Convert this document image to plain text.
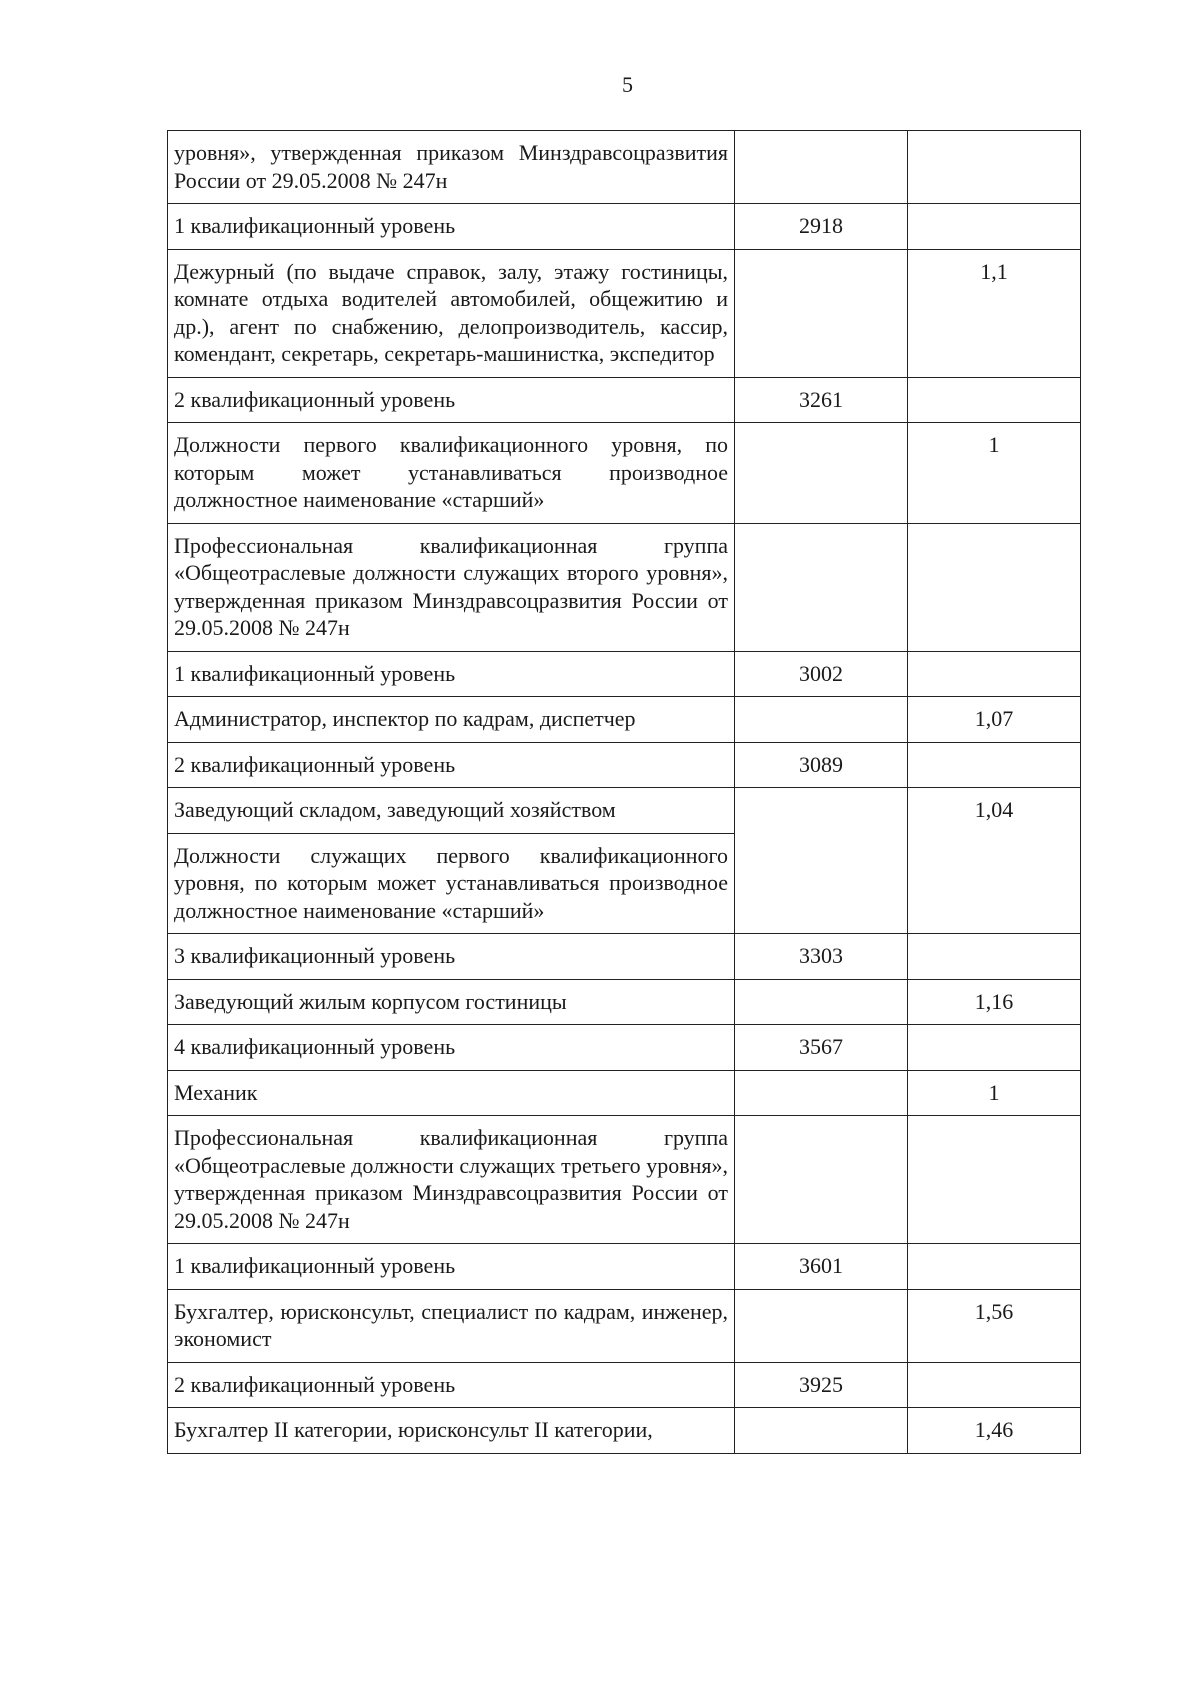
5
уровня», утвержденная приказом Минздравсоцразвития России от 29.05.2008 № 247н		
1 квалификационный уровень	2918	
Дежурный (по выдаче справок, залу, этажу гостиницы, комнате отдыха водителей автомобилей, общежитию и др.), агент по снабжению, делопроизводитель, кассир, комендант, секретарь, секретарь-машинистка, экспедитор		1,1
2 квалификационный уровень	3261	
Должности первого квалификационного уровня, по которым может устанавливаться производное должностное наименование «старший»		1
Профессиональная квалификационная группа «Общеотраслевые должности служащих второго уровня», утвержденная приказом Минздравсоцразвития России от 29.05.2008 № 247н		
1 квалификационный уровень	3002	
Администратор, инспектор по кадрам, диспетчер		1,07
2 квалификационный уровень	3089	
Заведующий складом, заведующий хозяйством		1,04
Должности служащих первого квалификационного уровня, по которым может устанавливаться производное должностное наименование «старший»		
3 квалификационный уровень	3303	
Заведующий жилым корпусом гостиницы		1,16
4 квалификационный уровень	3567	
Механик		1
Профессиональная квалификационная группа «Общеотраслевые должности служащих третьего уровня», утвержденная приказом Минздравсоцразвития России от 29.05.2008 № 247н		
1 квалификационный уровень	3601	
Бухгалтер, юрисконсульт, специалист по кадрам, инженер, экономист		1,56
2 квалификационный уровень	3925	
Бухгалтер II категории, юрисконсульт II категории,		1,46
